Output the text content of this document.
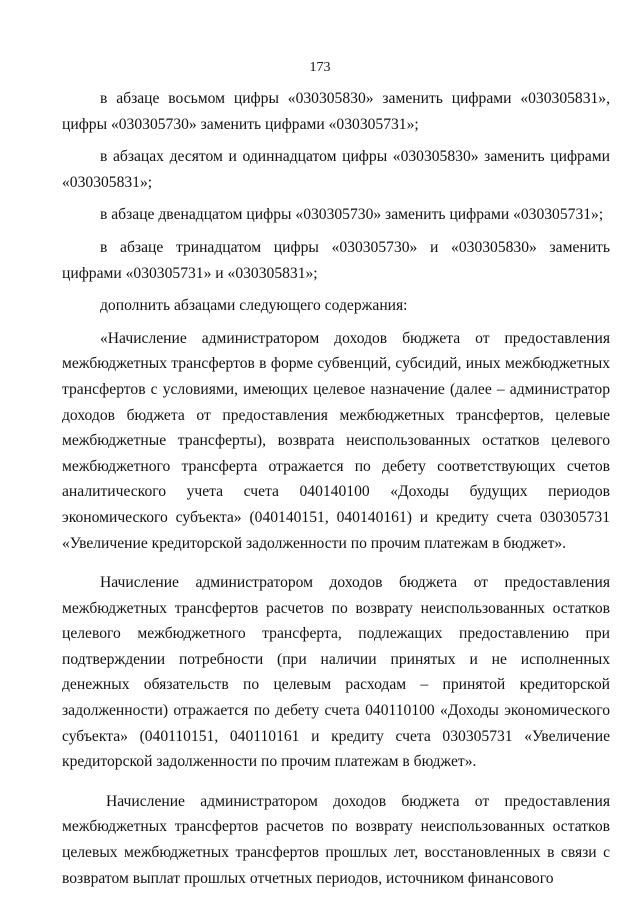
173

в абзаце восьмом цифры «030305830» заменить цифрами «030305831», цифры «030305730» заменить цифрами «030305731»;

в абзацах десятом и одиннадцатом цифры «030305830» заменить цифрами «030305831»;

в абзаце двенадцатом цифры «030305730» заменить цифрами «030305731»;

в абзаце тринадцатом цифры «030305730» и «030305830» заменить цифрами «030305731» и «030305831»;

дополнить абзацами следующего содержания:

«Начисление администратором доходов бюджета от предоставления межбюджетных трансфертов в форме субвенций, субсидий, иных межбюджетных трансфертов с условиями, имеющих целевое назначение (далее – администратор доходов бюджета от предоставления межбюджетных трансфертов, целевые межбюджетные трансферты), возврата неиспользованных остатков целевого межбюджетного трансферта отражается по дебету соответствующих счетов аналитического учета счета 040140100 «Доходы будущих периодов экономического субъекта» (040140151, 040140161) и кредиту счета 030305731 «Увеличение кредиторской задолженности по прочим платежам в бюджет».

Начисление администратором доходов бюджета от предоставления межбюджетных трансфертов расчетов по возврату неиспользованных остатков целевого межбюджетного трансферта, подлежащих предоставлению при подтверждении потребности (при наличии принятых и не исполненных денежных обязательств по целевым расходам – принятой кредиторской задолженности) отражается по дебету счета 040110100 «Доходы экономического субъекта» (040110151, 040110161 и кредиту счета 030305731 «Увеличение кредиторской задолженности по прочим платежам в бюджет».

Начисление администратором доходов бюджета от предоставления межбюджетных трансфертов расчетов по возврату неиспользованных остатков целевых межбюджетных трансфертов прошлых лет, восстановленных в связи с возвратом выплат прошлых отчетных периодов, источником финансового
